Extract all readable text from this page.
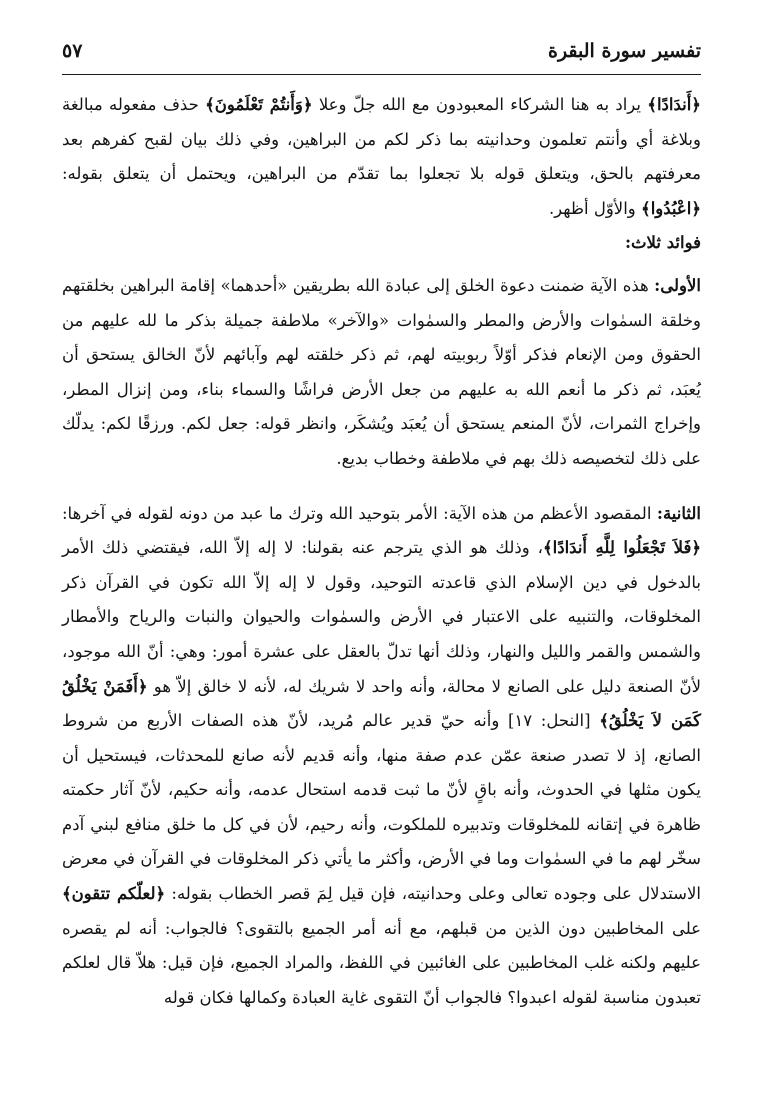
تفسير سورة البقرة
٥٧

﴿أَندَادًا﴾ يراد به هنا الشركاء المعبودون مع الله جلّ وعلا ﴿وَأَنتُمْ تَعْلَمُونَ﴾ حذف مفعوله مبالغة وبلاغة أي وأنتم تعلمون وحدانيته بما ذكر لكم من البراهين، وفي ذلك بيان لقبح كفرهم بعد معرفتهم بالحق، ويتعلق قوله بلا تجعلوا بما تقدّم من البراهين، ويحتمل أن يتعلق بقوله: ﴿اعْبُدُوا﴾ والأوّل أظهر.

فوائد ثلاث:

الأولى: هذه الآية ضمنت دعوة الخلق إلى عبادة الله بطريقين «أحدهما» إقامة البراهين بخلقتهم وخلقة السمٰوات والأرض والمطر والسمٰوات «والآخر» ملاطفة جميلة بذكر ما لله عليهم من الحقوق ومن الإنعام فذكر أوّلاً ربوبيته لهم، ثم ذكر خلقته لهم وآبائهم لأنّ الخالق يستحق أن يُعبَد، ثم ذكر ما أنعم الله به عليهم من جعل الأرض فراشًا والسماء بناء، ومن إنزال المطر، وإخراج الثمرات، لأنّ المنعم يستحق أن يُعبَد ويُشكَر، وانظر قوله: جعل لكم. ورزقًا لكم: يدلّك على ذلك لتخصيصه ذلك بهم في ملاطفة وخطاب بديع.

الثانية: المقصود الأعظم من هذه الآية: الأمر بتوحيد الله وترك ما عبد من دونه لقوله في آخرها: ﴿فَلاَ تَجْعَلُوا لِلَّهِ أَندَادًا﴾، وذلك هو الذي يترجم عنه بقولنا: لا إله إلاّ الله، فيقتضي ذلك الأمر بالدخول في دين الإسلام الذي قاعدته التوحيد، وقول لا إله إلاّ الله تكون في القرآن ذكر المخلوقات، والتنبيه على الاعتبار في الأرض والسمٰوات والحيوان والنبات والرياح والأمطار والشمس والقمر والليل والنهار، وذلك أنها تدلّ بالعقل على عشرة أمور: وهي: أنّ الله موجود، لأنّ الصنعة دليل على الصانع لا محالة، وأنه واحد لا شريك له، لأنه لا خالق إلاّ هو ﴿أَفَمَنْ يَخْلُقُ كَمَن لاَ يَخْلُقُ﴾ [النحل: ١٧] وأنه حيّ قدير عالم مُريد، لأنّ هذه الصفات الأربع من شروط الصانع، إذ لا تصدر صنعة عمّن عدم صفة منها، وأنه قديم لأنه صانع للمحدثات، فيستحيل أن يكون مثلها في الحدوث، وأنه باقٍ لأنّ ما ثبت قدمه استحال عدمه، وأنه حكيم، لأنّ آثار حكمته ظاهرة في إتقانه للمخلوقات وتدبيره للملكوت، وأنه رحيم، لأن في كل ما خلق منافع لبني آدم سخّر لهم ما في السمٰوات وما في الأرض، وأكثر ما يأتي ذكر المخلوقات في القرآن في معرض الاستدلال على وجوده تعالى وعلى وحدانيته، فإن قيل لِمَ قصر الخطاب بقوله: ﴿لعلّكم تتقون﴾ على المخاطبين دون الذين من قبلهم، مع أنه أمر الجميع بالتقوى؟ فالجواب: أنه لم يقصره عليهم ولكنه غلب المخاطبين على الغائبين في اللفظ، والمراد الجميع، فإن قيل: هلاّ قال لعلكم تعبدون مناسبة لقوله اعبدوا؟ فالجواب أنّ التقوى غاية العبادة وكمالها فكان قوله
